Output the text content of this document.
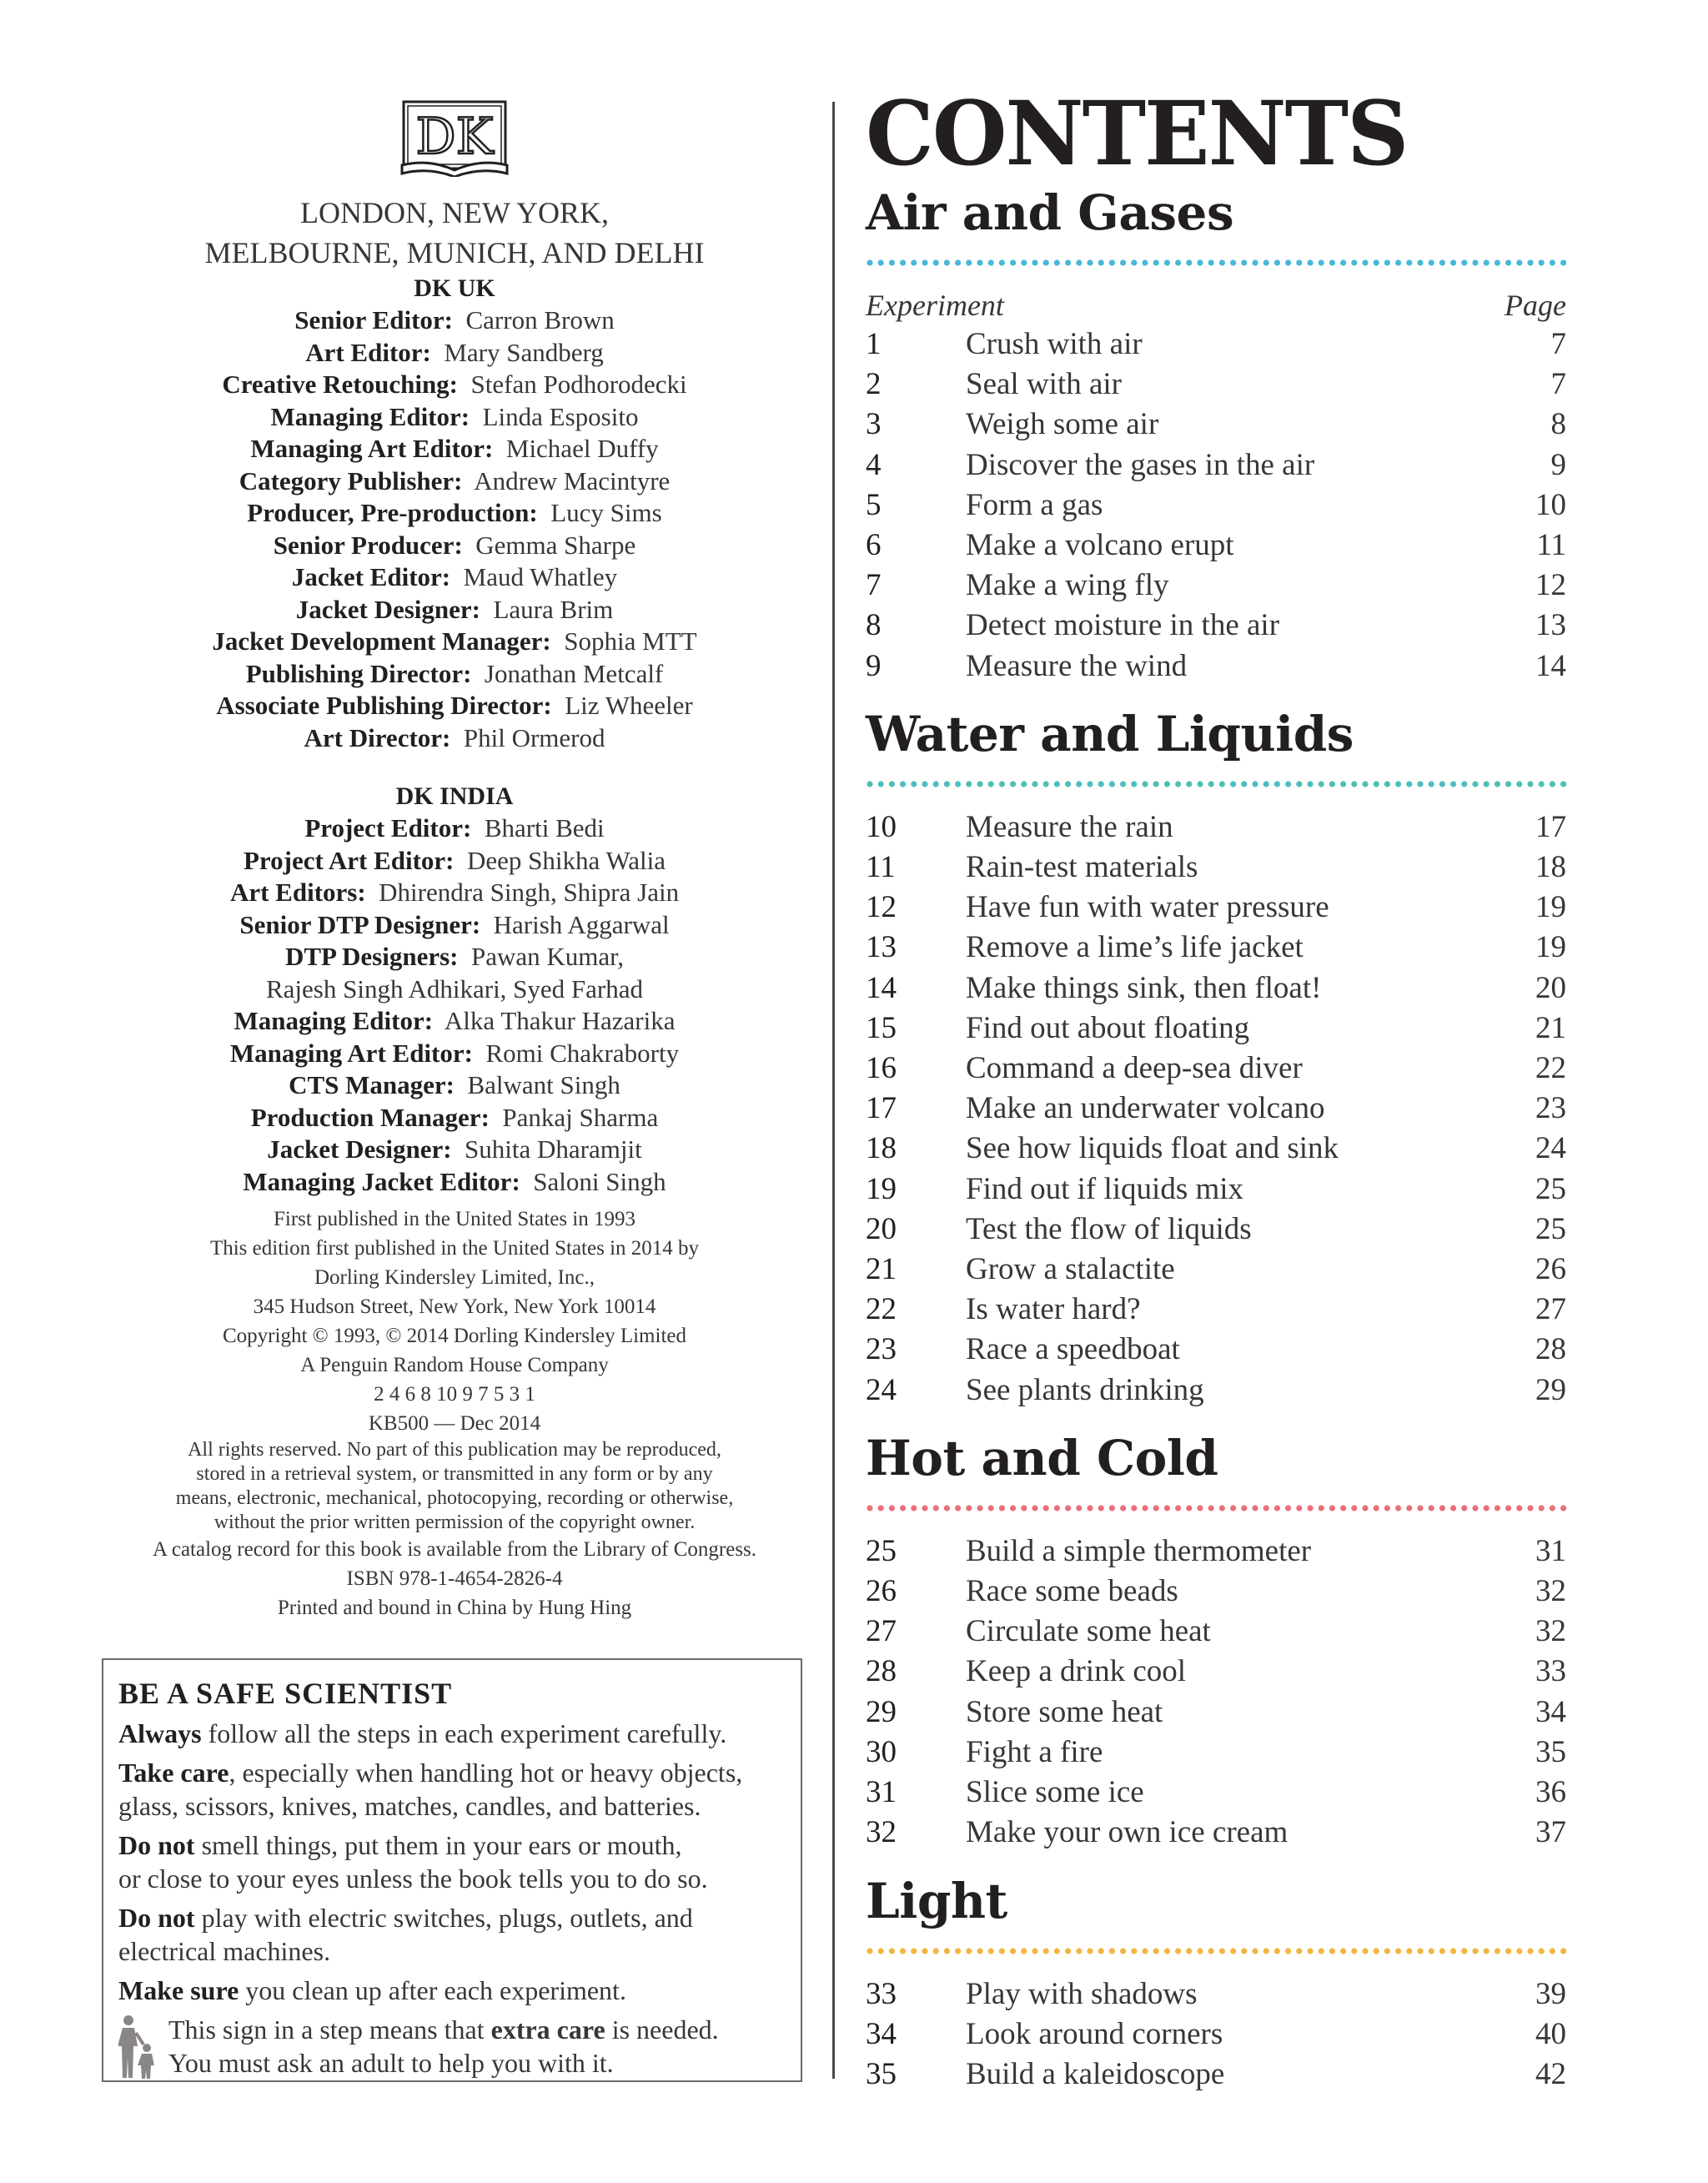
DK
LONDON, NEW YORK,
MELBOURNE, MUNICH, AND DELHI
DK UK
Senior Editor: Carron Brown
Art Editor: Mary Sandberg
Creative Retouching: Stefan Podhorodecki
Managing Editor: Linda Esposito
Managing Art Editor: Michael Duffy
Category Publisher: Andrew Macintyre
Producer, Pre-production: Lucy Sims
Senior Producer: Gemma Sharpe
Jacket Editor: Maud Whatley
Jacket Designer: Laura Brim
Jacket Development Manager: Sophia MTT
Publishing Director: Jonathan Metcalf
Associate Publishing Director: Liz Wheeler
Art Director: Phil Ormerod
DK INDIA
Project Editor: Bharti Bedi
Project Art Editor: Deep Shikha Walia
Art Editors: Dhirendra Singh, Shipra Jain
Senior DTP Designer: Harish Aggarwal
DTP Designers: Pawan Kumar,
Rajesh Singh Adhikari, Syed Farhad
Managing Editor: Alka Thakur Hazarika
Managing Art Editor: Romi Chakraborty
CTS Manager: Balwant Singh
Production Manager: Pankaj Sharma
Jacket Designer: Suhita Dharamjit
Managing Jacket Editor: Saloni Singh
First published in the United States in 1993
This edition first published in the United States in 2014 by
Dorling Kindersley Limited, Inc.,
345 Hudson Street, New York, New York 10014
Copyright © 1993, © 2014 Dorling Kindersley Limited
A Penguin Random House Company
2 4 6 8 10 9 7 5 3 1
KB500 — Dec 2014
All rights reserved. No part of this publication may be reproduced,
stored in a retrieval system, or transmitted in any form or by any
means, electronic, mechanical, photocopying, recording or otherwise,
without the prior written permission of the copyright owner.
A catalog record for this book is available from the Library of Congress.
ISBN 978-1-4654-2826-4
Printed and bound in China by Hung Hing
BE A SAFE SCIENTIST
Always follow all the steps in each experiment carefully.
Take care, especially when handling hot or heavy objects,
glass, scissors, knives, matches, candles, and batteries.
Do not smell things, put them in your ears or mouth,
or close to your eyes unless the book tells you to do so.
Do not play with electric switches, plugs, outlets, and
electrical machines.
Make sure you clean up after each experiment.
This sign in a step means that extra care is needed.
You must ask an adult to help you with it.
CONTENTS
Air and Gases
Experiment	Page
1	Crush with air	7
2	Seal with air	7
3	Weigh some air	8
4	Discover the gases in the air	9
5	Form a gas	10
6	Make a volcano erupt	11
7	Make a wing fly	12
8	Detect moisture in the air	13
9	Measure the wind	14
Water and Liquids
10	Measure the rain	17
11	Rain-test materials	18
12	Have fun with water pressure	19
13	Remove a lime’s life jacket	19
14	Make things sink, then float!	20
15	Find out about floating	21
16	Command a deep-sea diver	22
17	Make an underwater volcano	23
18	See how liquids float and sink	24
19	Find out if liquids mix	25
20	Test the flow of liquids	25
21	Grow a stalactite	26
22	Is water hard?	27
23	Race a speedboat	28
24	See plants drinking	29
Hot and Cold
25	Build a simple thermometer	31
26	Race some beads	32
27	Circulate some heat	32
28	Keep a drink cool	33
29	Store some heat	34
30	Fight a fire	35
31	Slice some ice	36
32	Make your own ice cream	37
Light
33	Play with shadows	39
34	Look around corners	40
35	Build a kaleidoscope	42
